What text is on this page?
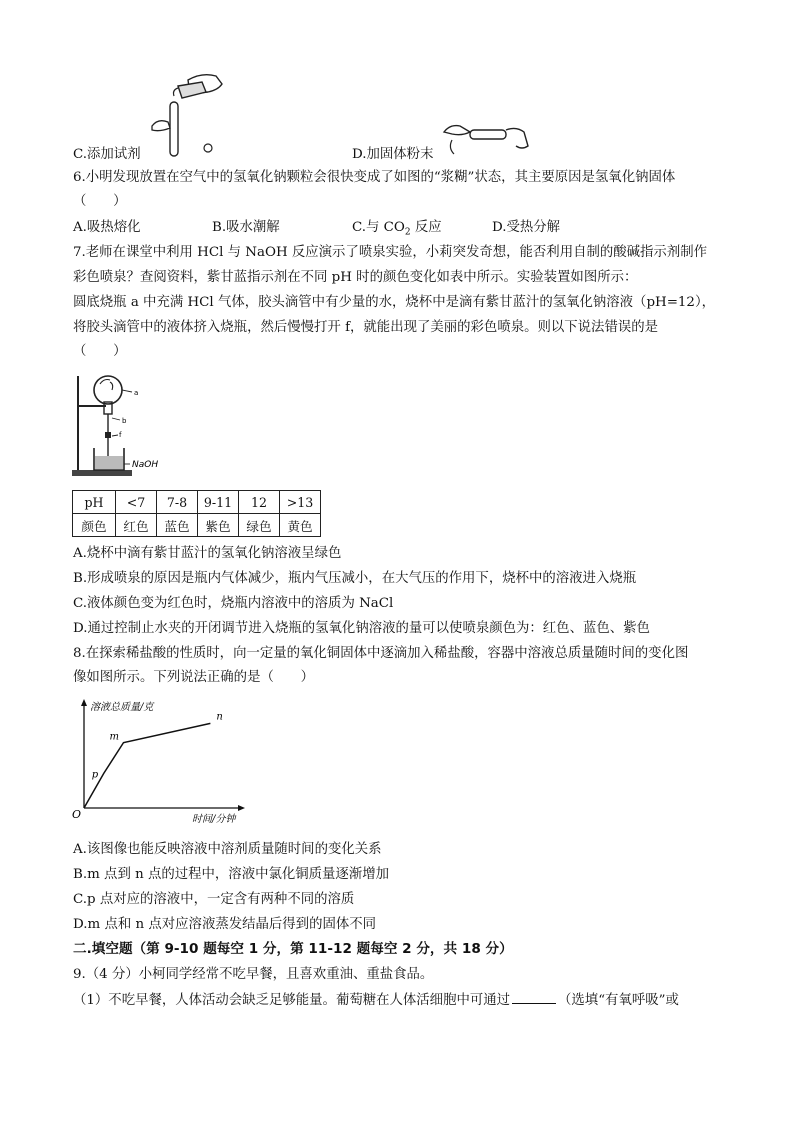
C.添加试剂	D.加固体粉末
6.小明发现放置在空气中的氢氧化钠颗粒会很快变成了如图的“浆糊”状态，其主要原因是氢氧化钠固体
（　　）
A.吸热熔化	B.吸水潮解	C.与 $CO_2$ 反应	D.受热分解
7.老师在课堂中利用 HCl 与 NaOH 反应演示了喷泉实验，小莉突发奇想，能否利用自制的酸碱指示剂制作
彩色喷泉？查阅资料，紫甘蓝指示剂在不同 pH 时的颜色变化如表中所示。实验装置如图所示：
圆底烧瓶 a 中充满 HCl 气体，胶头滴管中有少量的水，烧杯中是滴有紫甘蓝汁的氢氧化钠溶液（pH=12），
将胶头滴管中的液体挤入烧瓶，然后慢慢打开 f，就能出现了美丽的彩色喷泉。则以下说法错误的是
（　　）
a
b
f
NaOH
pH	<7	7-8	9-11	12	>13
颜色	红色	蓝色	紫色	绿色	黄色
A.烧杯中滴有紫甘蓝汁的氢氧化钠溶液呈绿色
B.形成喷泉的原因是瓶内气体减少，瓶内气压减小，在大气压的作用下，烧杯中的溶液进入烧瓶
C.液体颜色变为红色时，烧瓶内溶液中的溶质为 NaCl
D.通过控制止水夹的开闭调节进入烧瓶的氢氧化钠溶液的量可以使喷泉颜色为：红色、蓝色、紫色
8.在探索稀盐酸的性质时，向一定量的氧化铜固体中逐滴加入稀盐酸，容器中溶液总质量随时间的变化图
像如图所示。下列说法正确的是（　　）
溶液总质量/克
时间/分钟
O
p
m
n
A.该图像也能反映溶液中溶剂质量随时间的变化关系
B.m 点到 n 点的过程中，溶液中氯化铜质量逐渐增加
C.p 点对应的溶液中，一定含有两种不同的溶质
D.m 点和 n 点对应溶液蒸发结晶后得到的固体不同
二.填空题（第 9-10 题每空 1 分，第 11-12 题每空 2 分，共 18 分）
9.（4 分）小柯同学经常不吃早餐，且喜欢重油、重盐食品。
（1）不吃早餐，人体活动会缺乏足够能量。葡萄糖在人体活细胞中可通过	（选填“有氧呼吸”或
